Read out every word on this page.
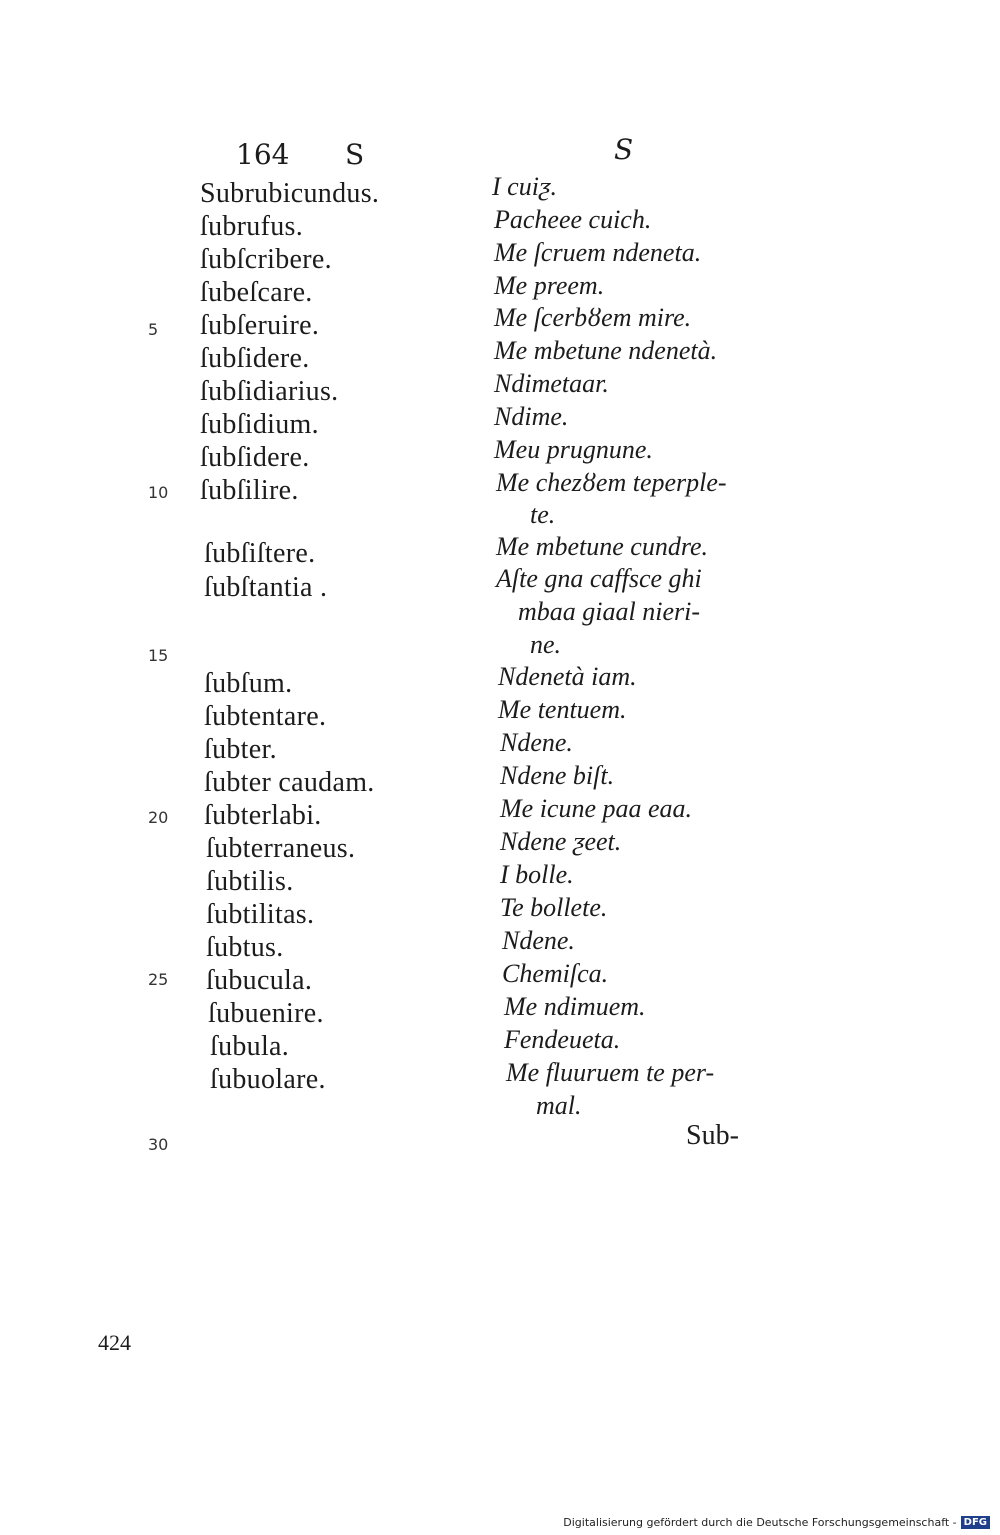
164 S	S
5
10
15
20
25
30
Subrubicundus.	I cuiƺ.
ſubrufus.	Pacheee cuich.
ſubſcribere.	Me ſcruem ndeneta.
ſubeſcare.	Me preem.
ſubſeruire.	Me ſcerbȣem mire.
ſubſidere.	Me mbetune ndenetà.
ſubſidiarius.	Ndimetaar.
ſubſidium.	Ndime.
ſubſidere.	Meu prugnune.
ſubſilire.	Me chezȣem teperple-
te.
ſubſiſtere.	Me mbetune cundre.
ſubſtantia .	Aſte gna caffsce ghi
mbaa giaal nieri-
ne.
ſubſum.	Ndenetà iam.
ſubtentare.	Me tentuem.
ſubter.	Ndene.
ſubter caudam.	Ndene biſt.
ſubterlabi.	Me icune paa eaa.
ſubterraneus.	Ndene ƺeet.
ſubtilis.	I bolle.
ſubtilitas.	Te bollete.
ſubtus.	Ndene.
ſubucula.	Chemiſca.
ſubuenire.	Me ndimuem.
ſubula.	Fendeueta.
ſubuolare.	Me fluuruem te per-
mal.
Sub-
424
Digitalisierung gefördert durch die Deutsche Forschungsgemeinschaft - DFG
